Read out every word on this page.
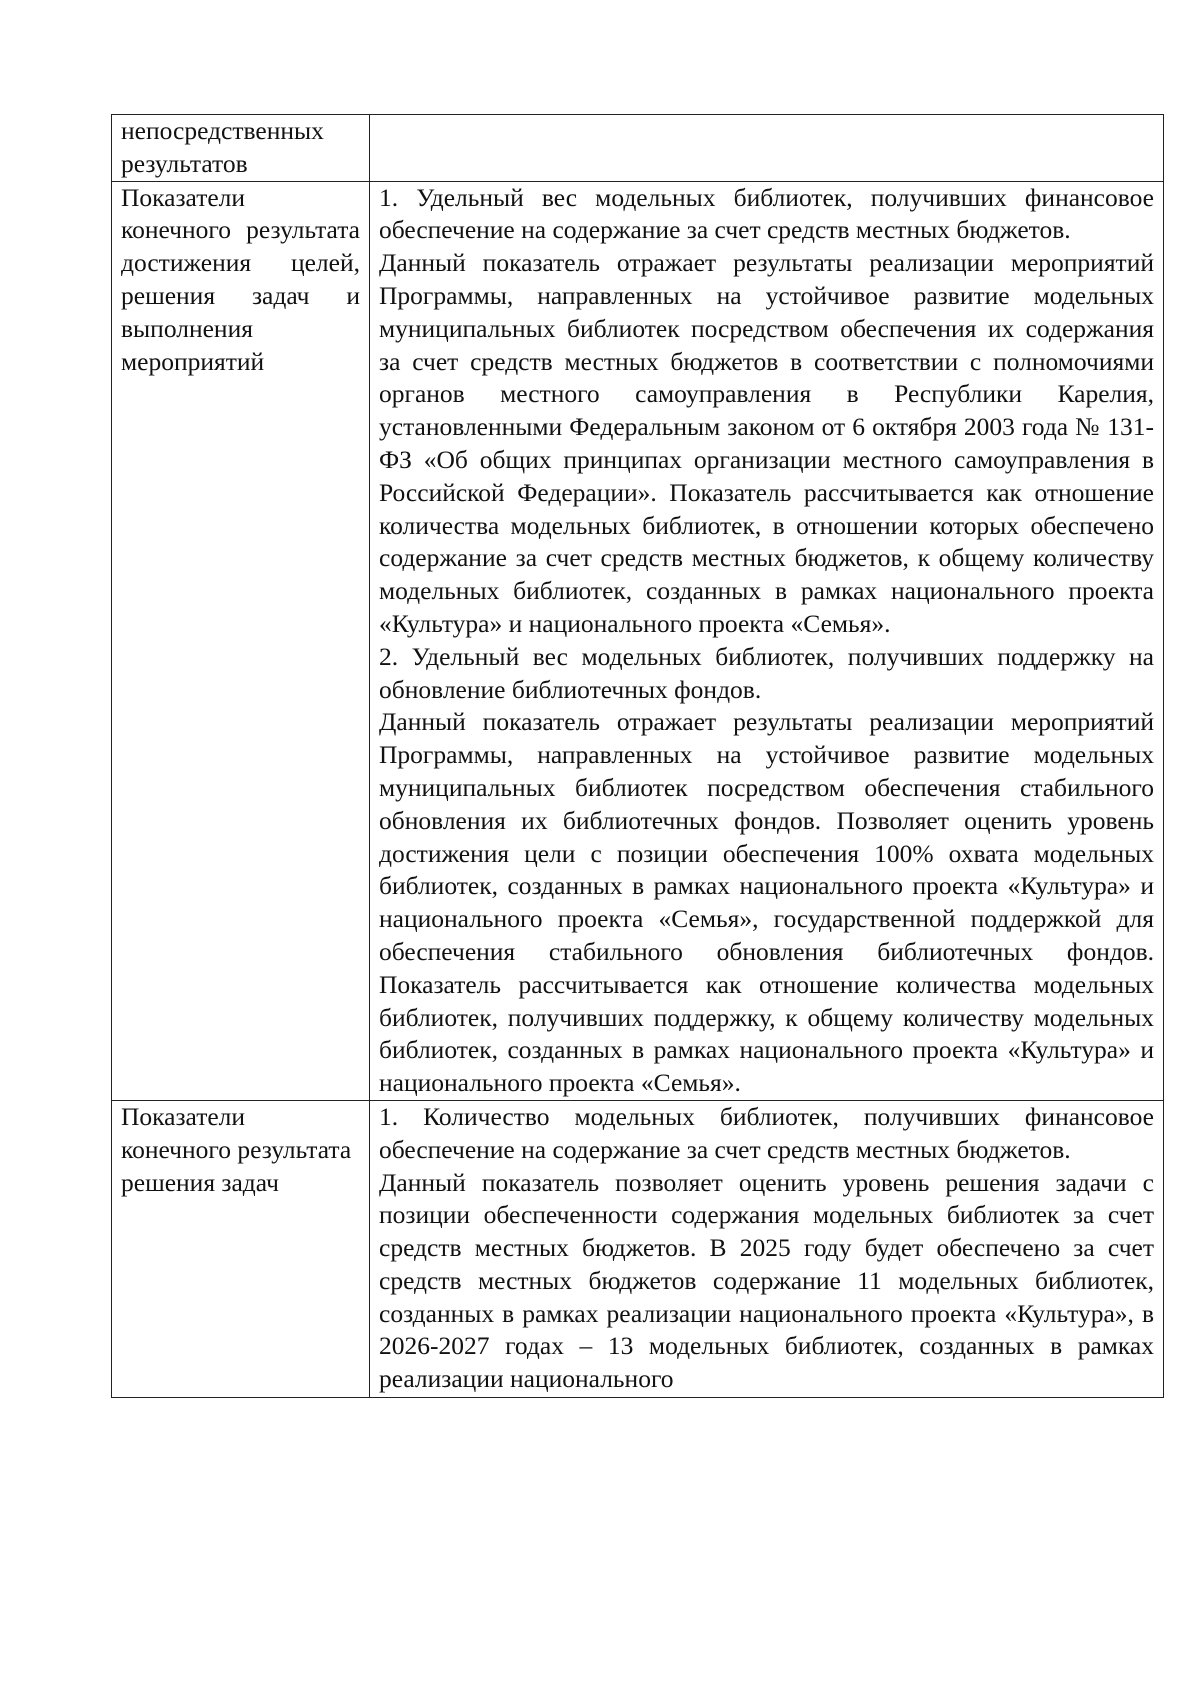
непосредственных результатов	

Показатели конечного результата достижения целей, решения задач и выполнения мероприятий	1. Удельный вес модельных библиотек, получивших финансовое обеспечение на содержание за счет средств местных бюджетов.
Данный показатель отражает результаты реализации мероприятий Программы, направленных на устойчивое развитие модельных муниципальных библиотек посредством обеспечения их содержания за счет средств местных бюджетов в соответствии с полномочиями органов местного самоуправления в Республики Карелия, установленными Федеральным законом от 6 октября 2003 года № 131-ФЗ «Об общих принципах организации местного самоуправления в Российской Федерации». Показатель рассчитывается как отношение количества модельных библиотек, в отношении которых обеспечено содержание за счет средств местных бюджетов, к общему количеству модельных библиотек, созданных в рамках национального проекта «Культура» и национального проекта «Семья».
2. Удельный вес модельных библиотек, получивших поддержку на обновление библиотечных фондов.
Данный показатель отражает результаты реализации мероприятий Программы, направленных на устойчивое развитие модельных муниципальных библиотек посредством обеспечения стабильного обновления их библиотечных фондов. Позволяет оценить уровень достижения цели с позиции обеспечения 100% охвата модельных библиотек, созданных в рамках национального проекта «Культура» и национального проекта «Семья», государственной поддержкой для обеспечения стабильного обновления библиотечных фондов. Показатель рассчитывается как отношение количества модельных библиотек, получивших поддержку, к общему количеству модельных библиотек, созданных в рамках национального проекта «Культура» и национального проекта «Семья».

Показатели конечного результата решения задач	1. Количество модельных библиотек, получивших финансовое обеспечение на содержание за счет средств местных бюджетов.
Данный показатель позволяет оценить уровень решения задачи с позиции обеспеченности содержания модельных библиотек за счет средств местных бюджетов. В 2025 году будет обеспечено за счет средств местных бюджетов содержание 11 модельных библиотек, созданных в рамках реализации национального проекта «Культура», в 2026-2027 годах – 13 модельных библиотек, созданных в рамках реализации национального
